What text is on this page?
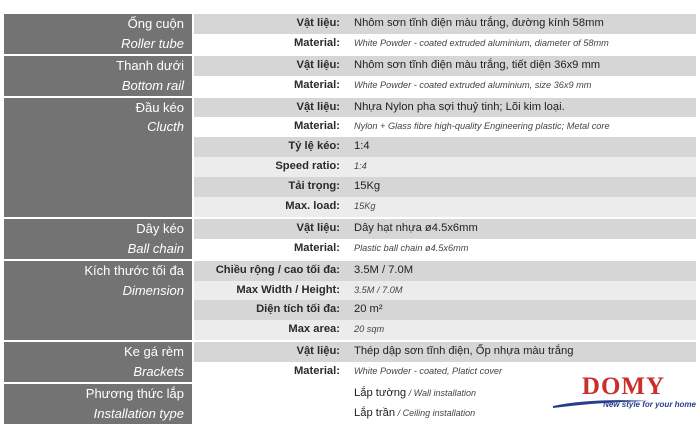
Ống cuộn
Roller tube
Vật liệu:	Nhôm sơn tĩnh điện màu trắng, đường kính 58mm
Material:	White Powder - coated extruded aluminium, diameter of 58mm
Thanh dưới
Bottom rail
Vật liệu:	Nhôm sơn tĩnh điện màu trắng, tiết diện 36x9 mm
Material:	White Powder - coated extruded aluminium, size 36x9 mm
Đầu kéo
Clucth
Vật liệu:	Nhựa Nylon pha sợi thuỷ tinh; Lõi kim loại.
Material:	Nylon + Glass fibre high-quality Engineering plastic; Metal core
Tỷ lệ kéo:	1:4
Speed ratio:	1:4
Tải trọng:	15Kg
Max. load:	15Kg
Dây kéo
Ball chain
Vật liệu:	Dây hạt nhựa ø4.5x6mm
Material:	Plastic ball chain ø4.5x6mm
Kích thước tối đa
Dimension
Chiều rộng / cao tối đa:	3.5M / 7.0M
Max Width / Height:	3.5M / 7.0M
Diện tích tối đa:	20 m²
Max area:	20 sqm
Ke gá rèm
Brackets
Vật liệu:	Thép dập sơn tĩnh điện, Ốp nhựa màu trắng
Material:	White Powder - coated, Platict cover
Phương thức lắp
Installation type
Lắp tường / Wall installation
Lắp trần / Ceiling installation
DOMY
New style for your home
